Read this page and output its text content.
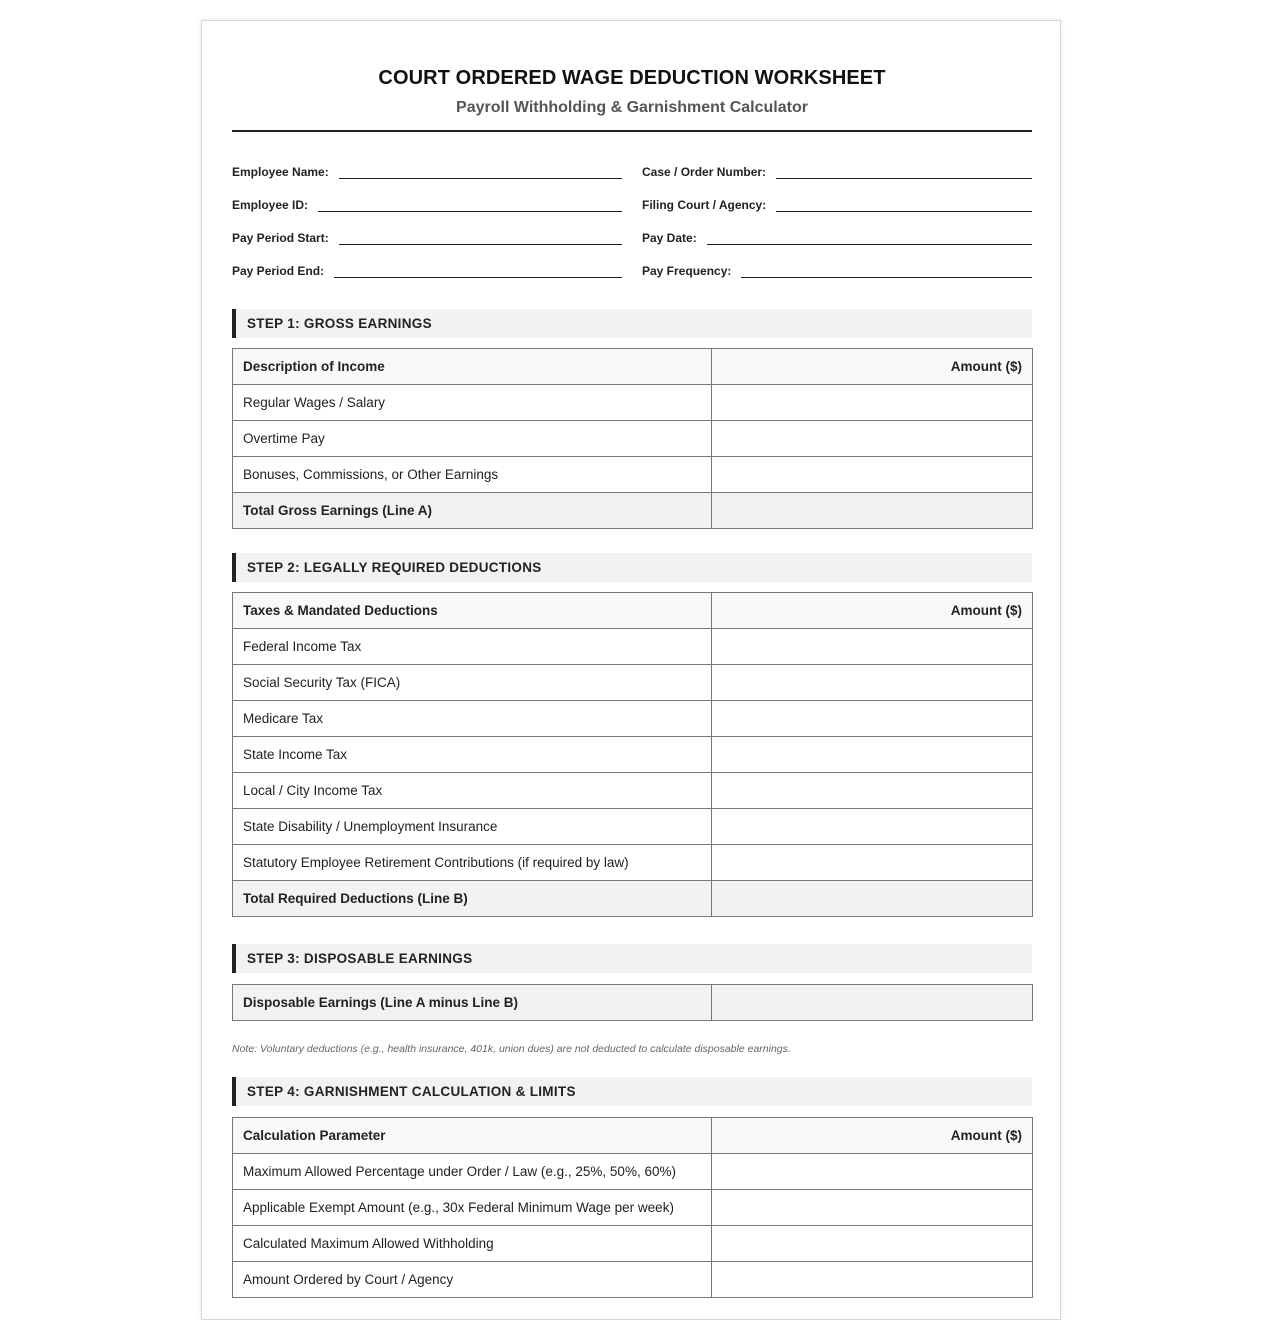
COURT ORDERED WAGE DEDUCTION WORKSHEET
Payroll Withholding & Garnishment Calculator
Employee Name:	Case / Order Number:
Employee ID:	Filing Court / Agency:
Pay Period Start:	Pay Date:
Pay Period End:	Pay Frequency:
STEP 1: GROSS EARNINGS
Description of Income	Amount ($)
Regular Wages / Salary	
Overtime Pay	
Bonuses, Commissions, or Other Earnings	
Total Gross Earnings (Line A)	
STEP 2: LEGALLY REQUIRED DEDUCTIONS
Taxes & Mandated Deductions	Amount ($)
Federal Income Tax	
Social Security Tax (FICA)	
Medicare Tax	
State Income Tax	
Local / City Income Tax	
State Disability / Unemployment Insurance	
Statutory Employee Retirement Contributions (if required by law)	
Total Required Deductions (Line B)	
STEP 3: DISPOSABLE EARNINGS
Disposable Earnings (Line A minus Line B)	
Note: Voluntary deductions (e.g., health insurance, 401k, union dues) are not deducted to calculate disposable earnings.
STEP 4: GARNISHMENT CALCULATION & LIMITS
Calculation Parameter	Amount ($)
Maximum Allowed Percentage under Order / Law (e.g., 25%, 50%, 60%)	
Applicable Exempt Amount (e.g., 30x Federal Minimum Wage per week)	
Calculated Maximum Allowed Withholding	
Amount Ordered by Court / Agency	
